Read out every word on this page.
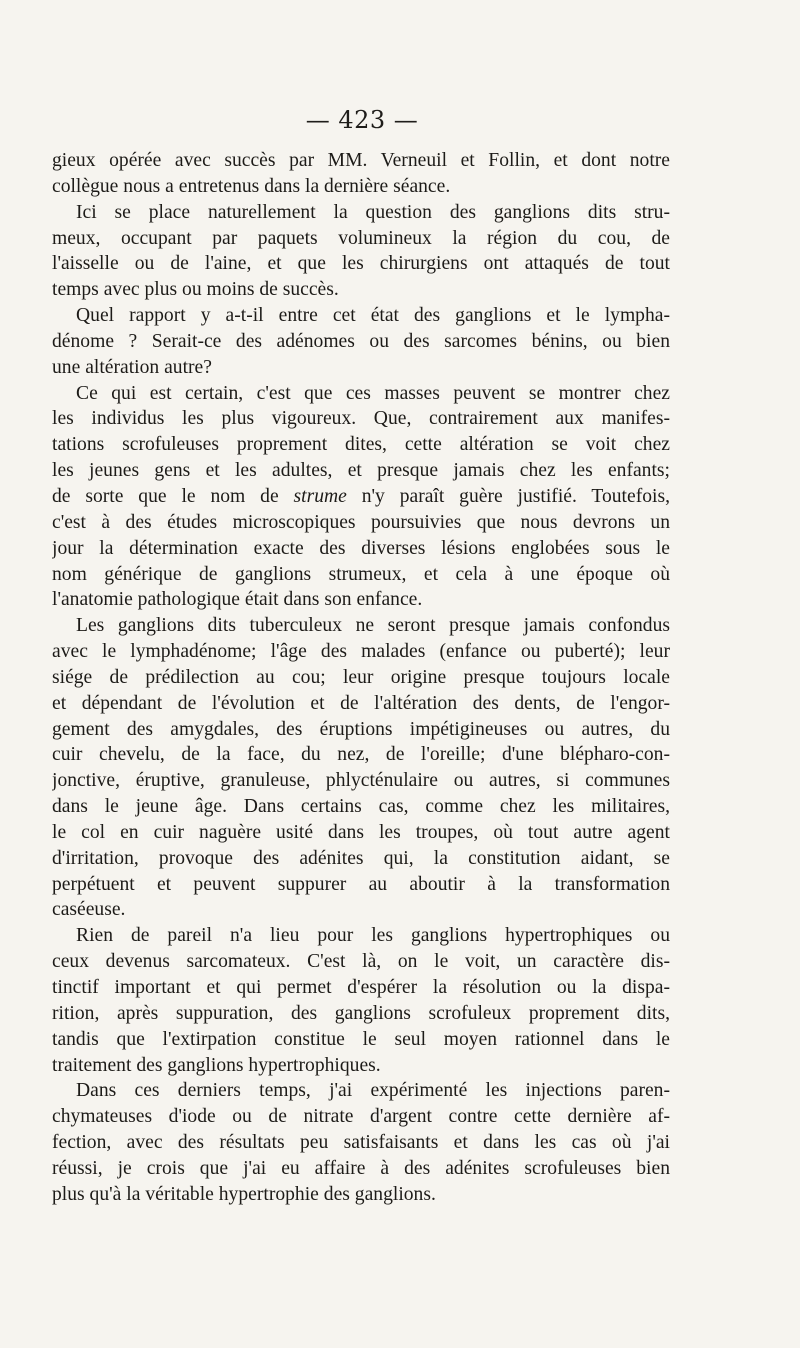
— 423 —
gieux opérée avec succès par MM. Verneuil et Follin, et dont notre
collègue nous a entretenus dans la dernière séance.
Ici se place naturellement la question des ganglions dits stru-
meux, occupant par paquets volumineux la région du cou, de
l'aisselle ou de l'aine, et que les chirurgiens ont attaqués de tout
temps avec plus ou moins de succès.
Quel rapport y a-t-il entre cet état des ganglions et le lympha-
dénome ? Serait-ce des adénomes ou des sarcomes bénins, ou bien
une altération autre?
Ce qui est certain, c'est que ces masses peuvent se montrer chez
les individus les plus vigoureux. Que, contrairement aux manifes-
tations scrofuleuses proprement dites, cette altération se voit chez
les jeunes gens et les adultes, et presque jamais chez les enfants;
de sorte que le nom de strume n'y paraît guère justifié. Toutefois,
c'est à des études microscopiques poursuivies que nous devrons un
jour la détermination exacte des diverses lésions englobées sous le
nom générique de ganglions strumeux, et cela à une époque où
l'anatomie pathologique était dans son enfance.
Les ganglions dits tuberculeux ne seront presque jamais confondus
avec le lymphadénome; l'âge des malades (enfance ou puberté); leur
siége de prédilection au cou; leur origine presque toujours locale
et dépendant de l'évolution et de l'altération des dents, de l'engor-
gement des amygdales, des éruptions impétigineuses ou autres, du
cuir chevelu, de la face, du nez, de l'oreille; d'une blépharo-con-
jonctive, éruptive, granuleuse, phlycténulaire ou autres, si communes
dans le jeune âge. Dans certains cas, comme chez les militaires,
le col en cuir naguère usité dans les troupes, où tout autre agent
d'irritation, provoque des adénites qui, la constitution aidant, se
perpétuent et peuvent suppurer au aboutir à la transformation
caséeuse.
Rien de pareil n'a lieu pour les ganglions hypertrophiques ou
ceux devenus sarcomateux. C'est là, on le voit, un caractère dis-
tinctif important et qui permet d'espérer la résolution ou la dispa-
rition, après suppuration, des ganglions scrofuleux proprement dits,
tandis que l'extirpation constitue le seul moyen rationnel dans le
traitement des ganglions hypertrophiques.
Dans ces derniers temps, j'ai expérimenté les injections paren-
chymateuses d'iode ou de nitrate d'argent contre cette dernière af-
fection, avec des résultats peu satisfaisants et dans les cas où j'ai
réussi, je crois que j'ai eu affaire à des adénites scrofuleuses bien
plus qu'à la véritable hypertrophie des ganglions.
